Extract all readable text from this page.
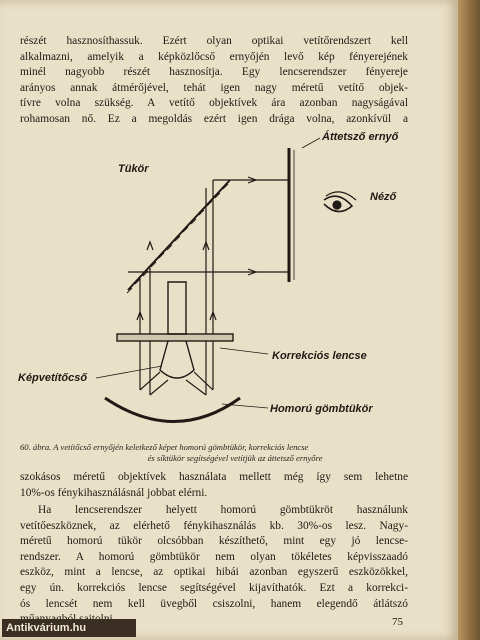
részét hasznosíthassuk. Ezért olyan optikai vetítőrendszert kell
alkalmazni, amelyik a képközlőcső ernyőjén levő kép fényerejének
minél nagyobb részét hasznosítja. Egy lencserendszer fényereje
arányos annak átmérőjével, tehát igen nagy méretű vetítő objek-
tívre volna szükség. A vetítő objektívek ára azonban nagyságával
rohamosan nő. Ez a megoldás ezért igen drága volna, azonkívül a

Áttetsző ernyő
Tükör
Néző
Korrekciós lencse
Képvetítőcső
Homorú gömbtükör
60. ábra. A vetítőcső ernyőjén keletkező képet homorú gömbtükör, korrekciós lencse
és síktükör segítségével vetítjük az áttetsző ernyőre

szokásos méretű objektívek használata mellett még így sem lehetne
10%-os fénykihasználásnál jobbat elérni.

Ha lencserendszer helyett homorú gömbtükröt használunk
vetítőeszköznek, az elérhető fénykihasználás kb. 30%-os lesz. Nagy-
méretű homorú tükör olcsóbban készíthető, mint egy jó lencse-
rendszer. A homorú gömbtükör nem olyan tökéletes képvisszaadó
eszköz, mint a lencse, az optikai hibái azonban egyszerű eszközökkel,
egy ún. korrekciós lencse segítségével kijavíthatók. Ezt a korrekci-
ós lencsét nem kell üvegből csiszolni, hanem elegendő átlátszó

75
Antikvárium.hu
